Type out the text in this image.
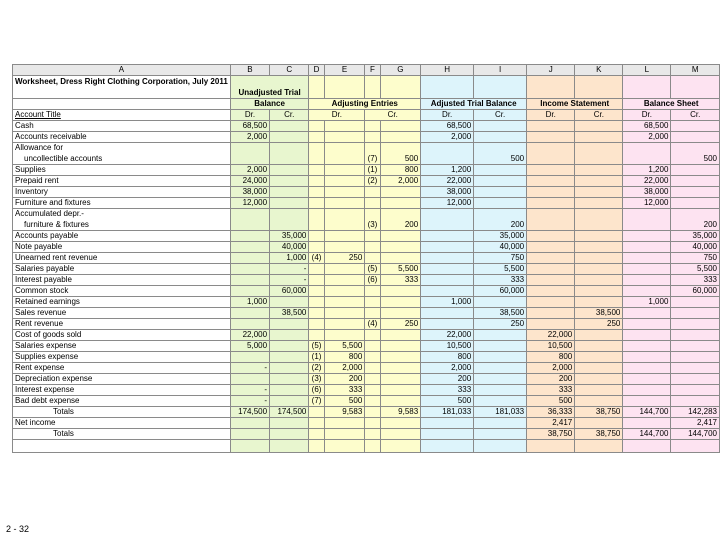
A	B	C	D	E	F	G	H	I	J	K	L	M
Worksheet, Dress Right Clothing Corporation, July 2011	Unadjusted Trial											
	Balance		Adjusting Entries				Adjusted Trial Balance		Income Statement		Balance Sheet	
Account Title	Dr.	Cr.	Dr.		Cr.		Dr.	Cr.	Dr.	Cr.	Dr.	Cr.

Cash	68,500						68,500				68,500	

Accounts receivable	2,000						2,000				2,000	

Allowance for
uncollectible accounts					(7)	500		500				500

Supplies	2,000				(1)	800	1,200				1,200	

Prepaid rent	24,000				(2)	2,000	22,000				22,000	

Inventory	38,000						38,000				38,000	

Furniture and fixtures	12,000						12,000				12,000	

Accumulated depr.-
furniture & fixtures					(3)	200		200				200

Accounts payable		35,000						35,000				35,000

Note payable		40,000						40,000				40,000

Unearned rent revenue		1,000	(4)	250				750				750

Salaries payable		-			(5)	5,500		5,500				5,500

Interest payable		-			(6)	333		333				333

Common stock		60,000						60,000				60,000

Retained earnings	1,000						1,000				1,000	

Sales revenue		38,500						38,500		38,500		

Rent revenue					(4)	250		250		250		

Cost of goods sold	22,000						22,000		22,000			

Salaries expense	5,000		(5)	5,500			10,500		10,500			

Supplies expense			(1)	800			800		800			

Rent expense	-		(2)	2,000			2,000		2,000			

Depreciation expense			(3)	200			200		200			

Interest expense	-		(6)	333			333		333			

Bad debt expense	-		(7)	500			500		500			
Totals	174,500	174,500		9,583		9,583	181,033	181,033	36,333	38,750	144,700	142,283
Net income									2,417			2,417
Totals									38,750	38,750	144,700	144,700

2 - 32
